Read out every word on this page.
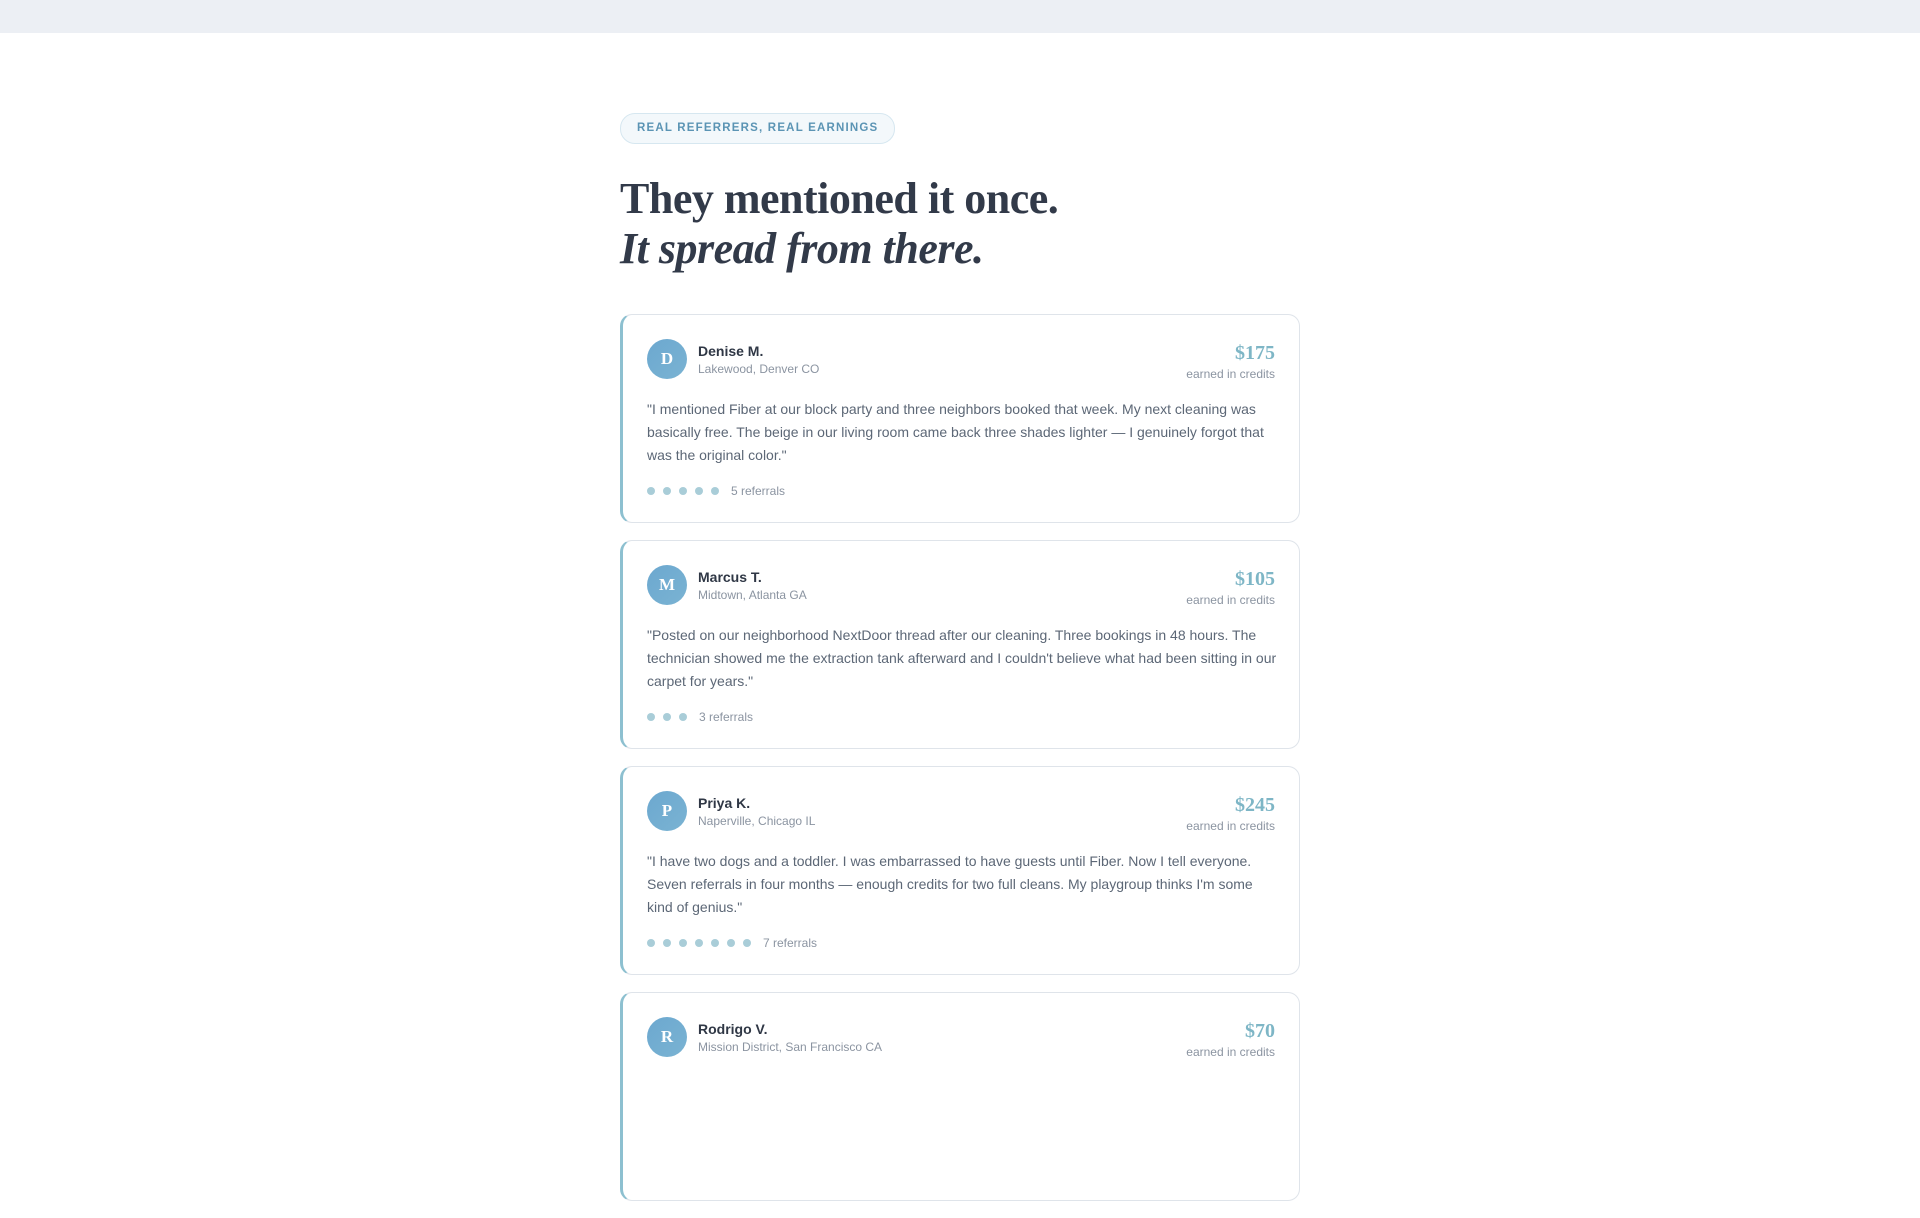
REAL REFERRERS, REAL EARNINGS
They mentioned it once.
It spread from there.
D	Denise M.
Lakewood, Denver CO
$175
earned in credits

"I mentioned Fiber at our block party and three neighbors booked that week. My next cleaning was basically free. The beige in our living room came back three shades lighter — I genuinely forgot that was the original color."

5 referrals
M	Marcus T.
Midtown, Atlanta GA
$105
earned in credits

"Posted on our neighborhood NextDoor thread after our cleaning. Three bookings in 48 hours. The technician showed me the extraction tank afterward and I couldn't believe what had been sitting in our carpet for years."

3 referrals
P	Priya K.
Naperville, Chicago IL
$245
earned in credits

"I have two dogs and a toddler. I was embarrassed to have guests until Fiber. Now I tell everyone. Seven referrals in four months — enough credits for two full cleans. My playgroup thinks I'm some kind of genius."

7 referrals
R	Rodrigo V.
Mission District, San Francisco CA
$70
earned in credits
